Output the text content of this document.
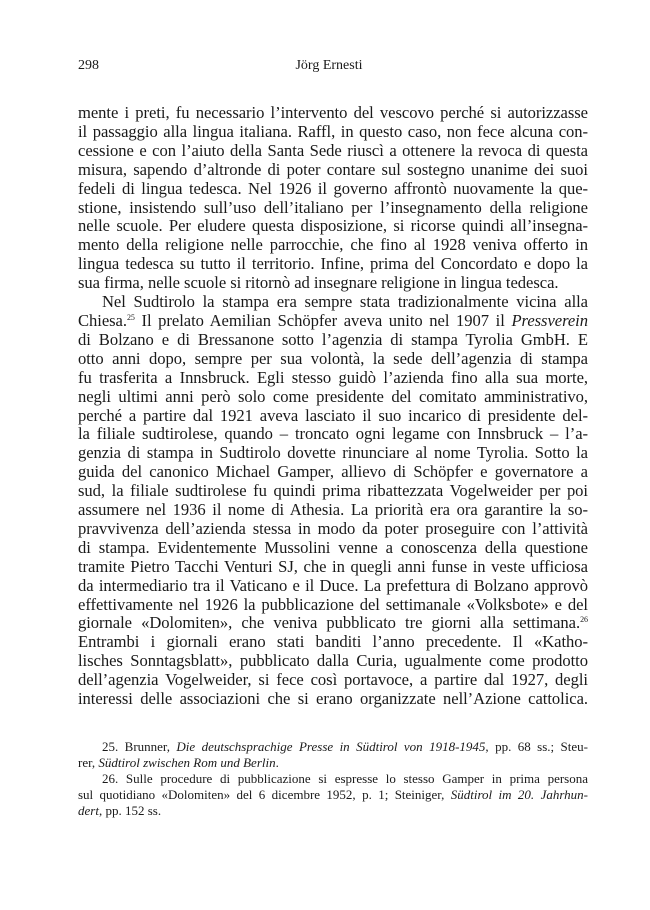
298	Jörg Ernesti

mente i preti, fu necessario l’intervento del vescovo perché si autorizzasse
il passaggio alla lingua italiana. Raffl, in questo caso, non fece alcuna con-
cessione e con l’aiuto della Santa Sede riuscì a ottenere la revoca di questa
misura, sapendo d’altronde di poter contare sul sostegno unanime dei suoi
fedeli di lingua tedesca. Nel 1926 il governo affrontò nuovamente la que-
stione, insistendo sull’uso dell’italiano per l’insegnamento della religione
nelle scuole. Per eludere questa disposizione, si ricorse quindi all’insegna-
mento della religione nelle parrocchie, che fino al 1928 veniva offerto in
lingua tedesca su tutto il territorio. Infine, prima del Concordato e dopo la
sua firma, nelle scuole si ritornò ad insegnare religione in lingua tedesca.

Nel Sudtirolo la stampa era sempre stata tradizionalmente vicina alla
Chiesa.$^{25}$ Il prelato Aemilian Schöpfer aveva unito nel 1907 il Pressverein
di Bolzano e di Bressanone sotto l’agenzia di stampa Tyrolia GmbH. E
otto anni dopo, sempre per sua volontà, la sede dell’agenzia di stampa
fu trasferita a Innsbruck. Egli stesso guidò l’azienda fino alla sua morte,
negli ultimi anni però solo come presidente del comitato amministrativo,
perché a partire dal 1921 aveva lasciato il suo incarico di presidente del-
la filiale sudtirolese, quando – troncato ogni legame con Innsbruck – l’a-
genzia di stampa in Sudtirolo dovette rinunciare al nome Tyrolia. Sotto la
guida del canonico Michael Gamper, allievo di Schöpfer e governatore a
sud, la filiale sudtirolese fu quindi prima ribattezzata Vogelweider per poi
assumere nel 1936 il nome di Athesia. La priorità era ora garantire la so-
pravvivenza dell’azienda stessa in modo da poter proseguire con l’attività
di stampa. Evidentemente Mussolini venne a conoscenza della questione
tramite Pietro Tacchi Venturi SJ, che in quegli anni funse in veste ufficiosa
da intermediario tra il Vaticano e il Duce. La prefettura di Bolzano approvò
effettivamente nel 1926 la pubblicazione del settimanale «Volksbote» e del
giornale «Dolomiten», che veniva pubblicato tre giorni alla settimana.$^{26}$
Entrambi i giornali erano stati banditi l’anno precedente. Il «Katho-
lisches Sonntagsblatt», pubblicato dalla Curia, ugualmente come prodotto
dell’agenzia Vogelweider, si fece così portavoce, a partire dal 1927, degli
interessi delle associazioni che si erano organizzate nell’Azione cattolica.

25. Brunner, Die deutschsprachige Presse in Südtirol von 1918-1945, pp. 68 ss.; Steu-
rer, Südtirol zwischen Rom und Berlin.

26. Sulle procedure di pubblicazione si espresse lo stesso Gamper in prima persona
sul quotidiano «Dolomiten» del 6 dicembre 1952, p. 1; Steiniger, Südtirol im 20. Jahrhun-
dert, pp. 152 ss.
